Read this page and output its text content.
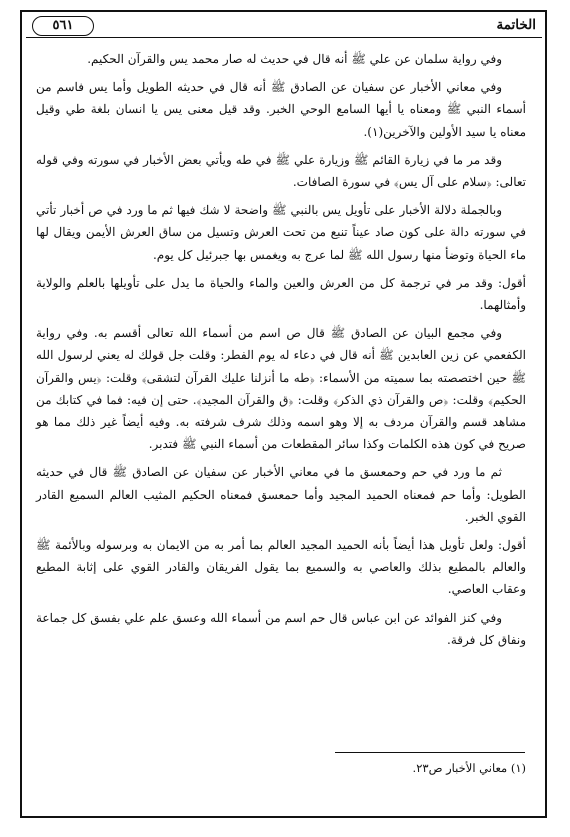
الخاتمة
٥٦١

وفي رواية سلمان عن علي ﷺ أنه قال في حديث له صار محمد يس والقرآن الحكيم.

وفي معاني الأخبار عن سفيان عن الصادق ﷺ أنه قال في حديثه الطويل وأما يس فاسم من أسماء النبي ﷺ ومعناه يا أيها السامع الوحي الخبر. وقد قيل معنى يس يا انسان بلغة طي وقيل معناه يا سيد الأولين والآخرين(١).

وقد مر ما في زيارة القائم ﷺ وزيارة علي ﷺ في طه ويأتي بعض الأخبار في سورته وفي قوله تعالى: ﴿سلام على آل يس﴾ في سورة الصافات.

وبالجملة دلالة الأخبار على تأويل يس بالنبي ﷺ واضحة لا شك فيها ثم ما ورد في ص أخبار تأتي في سورته دالة على كون صاد عيناً تنبع من تحت العرش وتسيل من ساق العرش الأيمن ويقال لها ماء الحياة وتوضأ منها رسول الله ﷺ لما عرج به ويغمس بها جبرئيل كل يوم.

أقول: وقد مر في ترجمة كل من العرش والعين والماء والحياة ما يدل على تأويلها بالعلم والولاية وأمثالهما.

وفي مجمع البيان عن الصادق ﷺ قال ص اسم من أسماء الله تعالى أقسم به. وفي رواية الكفعمي عن زين العابدين ﷺ أنه قال في دعاء له يوم الفطر: وقلت جل قولك له يعني لرسول الله ﷺ حين اختصصته بما سميته من الأسماء: ﴿طه ما أنزلنا عليك القرآن لتشقى﴾ وقلت: ﴿يس والقرآن الحكيم﴾ وقلت: ﴿ص والقرآن ذي الذكر﴾ وقلت: ﴿ق والقرآن المجيد﴾. حتى إن فيه: فما في كتابك من مشاهد قسم والقرآن مردف به إلا وهو اسمه وذلك شرف شرفته به. وفيه أيضاً غير ذلك مما هو صريح في كون هذه الكلمات وكذا سائر المقطعات من أسماء النبي ﷺ فتدبر.

ثم ما ورد في حم وحمعسق ما في معاني الأخبار عن سفيان عن الصادق ﷺ قال في حديثه الطويل: وأما حم فمعناه الحميد المجيد وأما حمعسق فمعناه الحكيم المثيب العالم السميع القادر القوي الخبر.

أقول: ولعل تأويل هذا أيضاً بأنه الحميد المجيد العالم بما أمر به من الايمان به وبرسوله وبالأئمة ﷺ والعالم بالمطيع بذلك والعاصي به والسميع بما يقول الفريقان والقادر القوي على إثابة المطيع وعقاب العاصي.

وفي كنز الفوائد عن ابن عباس قال حم اسم من أسماء الله وعسق علم علي بفسق كل جماعة ونفاق كل فرقة.

(١) معاني الأخبار ص٢٣.
